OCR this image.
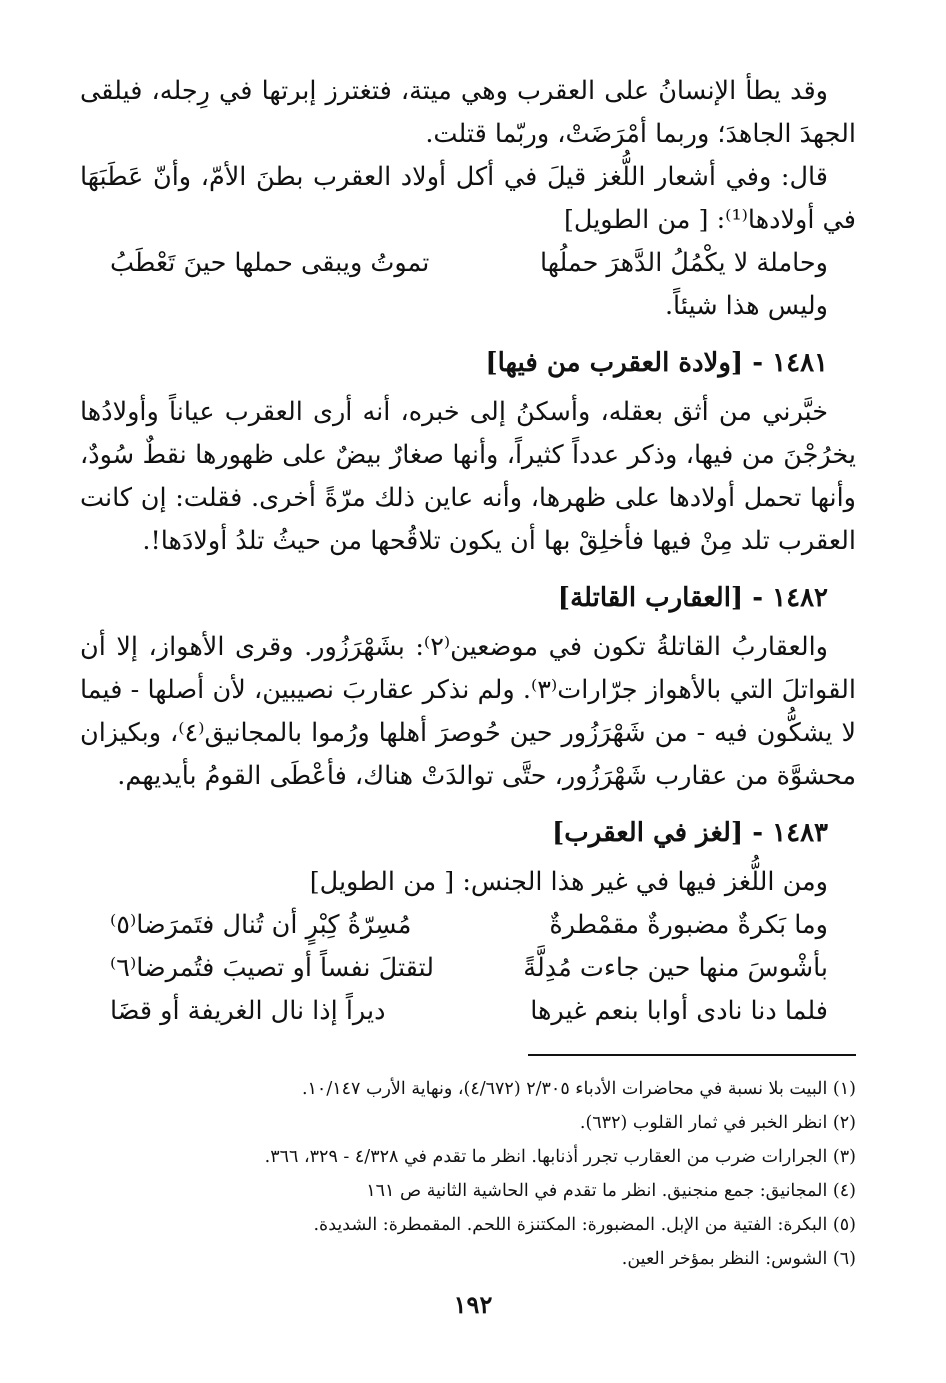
وقد يطأ الإنسانُ على العقرب وهي ميتة، فتغترز إبرتها في رِجله، فيلقى الجهدَ الجاهدَ؛ وربما أمْرَضَتْ، وربّما قتلت.

قال: وفي أشعار اللُّغز قيلَ في أكل أولاد العقرب بطنَ الأمّ، وأنّ عَطَبَهَا في أولادها⁽¹⁾: [ من الطويل]

وحاملة لا يكْمُلُ الدَّهرَ حملُها
تموتُ ويبقى حملها حينَ تَعْطَبُ

وليس هذا شيئاً.

١٤٨١ - [ولادة العقرب من فيها]

خبَّرني من أثق بعقله، وأسكنُ إلى خبره، أنه أرى العقرب عياناً وأولادُها يخرُجْنَ من فيها، وذكر عدداً كثيراً، وأنها صغارٌ بيضٌ على ظهورها نقطٌ سُودٌ، وأنها تحمل أولادها على ظهرها، وأنه عاين ذلك مرّةً أخرى. فقلت: إن كانت العقرب تلد مِنْ فيها فأخلِقْ بها أن يكون تلاقُحها من حيثُ تلدُ أولادَها!.

١٤٨٢ - [العقارب القاتلة]

والعقاربُ القاتلةُ تكون في موضعين⁽٢⁾: بشَهْرَزُور. وقرى الأهواز، إلا أن القواتلَ التي بالأهواز جرّارات⁽٣⁾. ولم نذكر عقاربَ نصيبين، لأن أصلها - فيما لا يشكُّون فيه - من شَهْرَزُور حين حُوصرَ أهلها ورُموا بالمجانيق⁽٤⁾، وبكيزان محشوَّة من عقارب شَهْرَزُور، حتَّى توالدَتْ هناك، فأعْطَى القومُ بأيديهم.

١٤٨٣ - [لغز في العقرب]

ومن اللُّغز فيها في غير هذا الجنس: [ من الطويل]

وما بَكرةٌ مضبورةٌ مقمْطرةٌ
مُسِرّةُ كِبْرٍ أن تُنال فتَمرَضا⁽٥⁾
بأشْوسَ منها حين جاءت مُدِلَّةً
لتقتلَ نفساً أو تصيبَ فتُمرضا⁽٦⁾
فلما دنا نادى أوابا بنعم غيرها
ديراً إذا نال الغريفة أو قضَا
(١) البيت بلا نسبة في محاضرات الأدباء ٢/٣٠٥ (٤/٦٧٢)، ونهاية الأرب ١٠/١٤٧.
(٢) انظر الخبر في ثمار القلوب (٦٣٢).
(٣) الجرارات ضرب من العقارب تجرر أذنابها. انظر ما تقدم في ٤/٣٢٨ - ٣٢٩، ٣٦٦.
(٤) المجانيق: جمع منجنيق. انظر ما تقدم في الحاشية الثانية ص ١٦١
(٥) البكرة: الفتية من الإبل. المضبورة: المكتنزة اللحم. المقمطرة: الشديدة.
(٦) الشوس: النظر بمؤخر العين.
١٩٢
